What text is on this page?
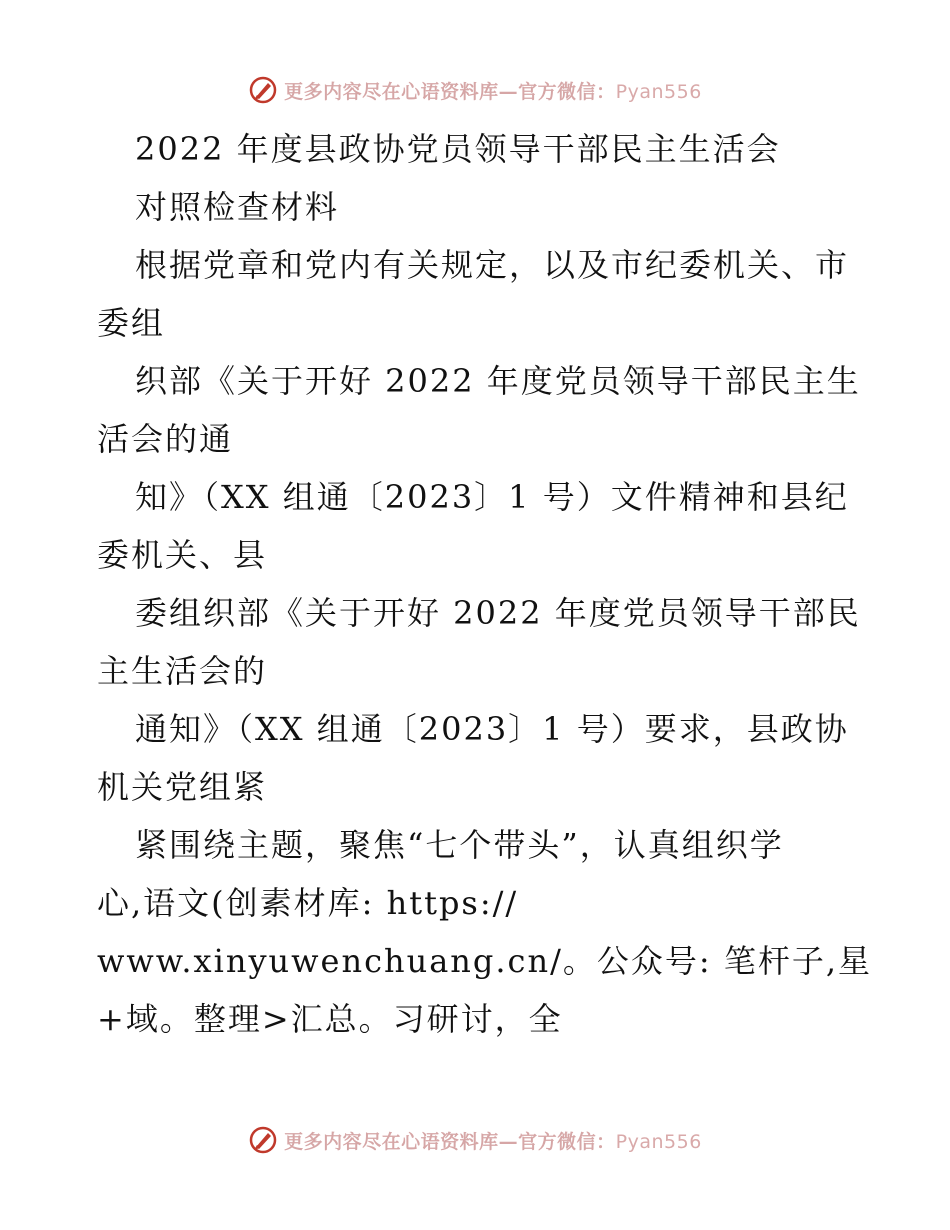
更多内容尽在心语资料库—官方微信：Pyan556
2022 年度县政协党员领导干部民主生活会
对照检查材料
根据党章和党内有关规定，以及市纪委机关、市
委组
织部《关于开好 2022 年度党员领导干部民主生
活会的通
知》（XX 组通〔2023〕1 号）文件精神和县纪
委机关、县
委组织部《关于开好 2022 年度党员领导干部民
主生活会的
通知》（XX 组通〔2023〕1 号）要求，县政协
机关党组紧
紧围绕主题，聚焦“七个带头”，认真组织学
心,语文(创素材库: https://
www.xinyuwenchuang.cn/。公众号: 笔杆子,星
+域。整理>汇总。习研讨，全
更多内容尽在心语资料库—官方微信：Pyan556
